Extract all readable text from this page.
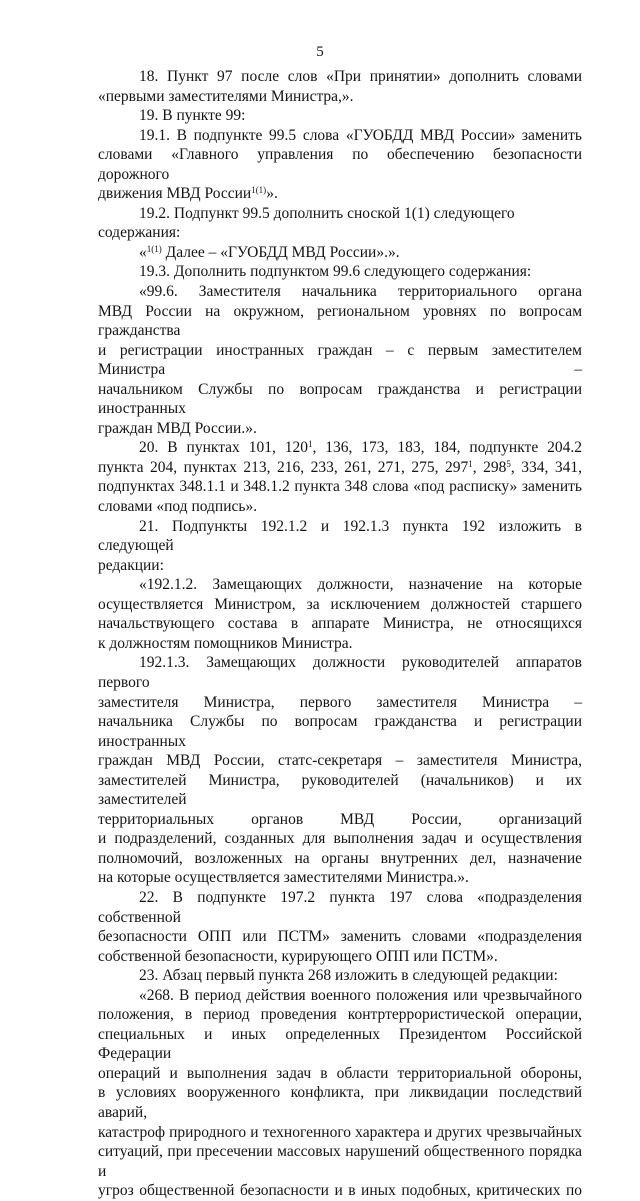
5

18. Пункт 97 после слов «При принятии» дополнить словами

«первыми заместителями Министра,».

19. В пункте 99:

19.1. В подпункте 99.5 слова «ГУОБДД МВД России» заменить

словами «Главного управления по обеспечению безопасности дорожного

движения МВД России$^{1(1)}$».

19.2. Подпункт 99.5 дополнить сноской 1(1) следующего содержания:

«$^{1(1)}$ Далее – «ГУОБДД МВД России».».

19.3. Дополнить подпунктом 99.6 следующего содержания:

«99.6. Заместителя начальника территориального органа

МВД России на окружном, региональном уровнях по вопросам гражданства

и регистрации иностранных граждан – с первым заместителем Министра –

начальником Службы по вопросам гражданства и регистрации иностранных

граждан МВД России.».

20. В пунктах 101, $120^1$, 136, 173, 183, 184, подпункте 204.2

пункта 204, пунктах 213, 216, 233, 261, 271, 275, $297^1$, $298^5$, 334, 341,

подпунктах 348.1.1 и 348.1.2 пункта 348 слова «под расписку» заменить

словами «под подпись».

21. Подпункты 192.1.2 и 192.1.3 пункта 192 изложить в следующей

редакции:

«192.1.2. Замещающих должности, назначение на которые

осуществляется Министром, за исключением должностей старшего

начальствующего состава в аппарате Министра, не относящихся

к должностям помощников Министра.

192.1.3. Замещающих должности руководителей аппаратов первого

заместителя Министра, первого заместителя Министра –

начальника Службы по вопросам гражданства и регистрации иностранных

граждан МВД России, статс-секретаря – заместителя Министра,

заместителей Министра, руководителей (начальников) и их заместителей

территориальных органов МВД России, организаций

и подразделений, созданных для выполнения задач и осуществления

полномочий, возложенных на органы внутренних дел, назначение

на которые осуществляется заместителями Министра.».

22. В подпункте 197.2 пункта 197 слова «подразделения собственной

безопасности ОПП или ПСТМ» заменить словами «подразделения

собственной безопасности, курирующего ОПП или ПСТМ».

23. Абзац первый пункта 268 изложить в следующей редакции:

«268. В период действия военного положения или чрезвычайного

положения, в период проведения контртеррористической операции,

специальных и иных определенных Президентом Российской Федерации

операций и выполнения задач в области территориальной обороны,

в условиях вооруженного конфликта, при ликвидации последствий аварий,

катастроф природного и техногенного характера и других чрезвычайных

ситуаций, при пресечении массовых нарушений общественного порядка и

угроз общественной безопасности и в иных подобных, критических по
